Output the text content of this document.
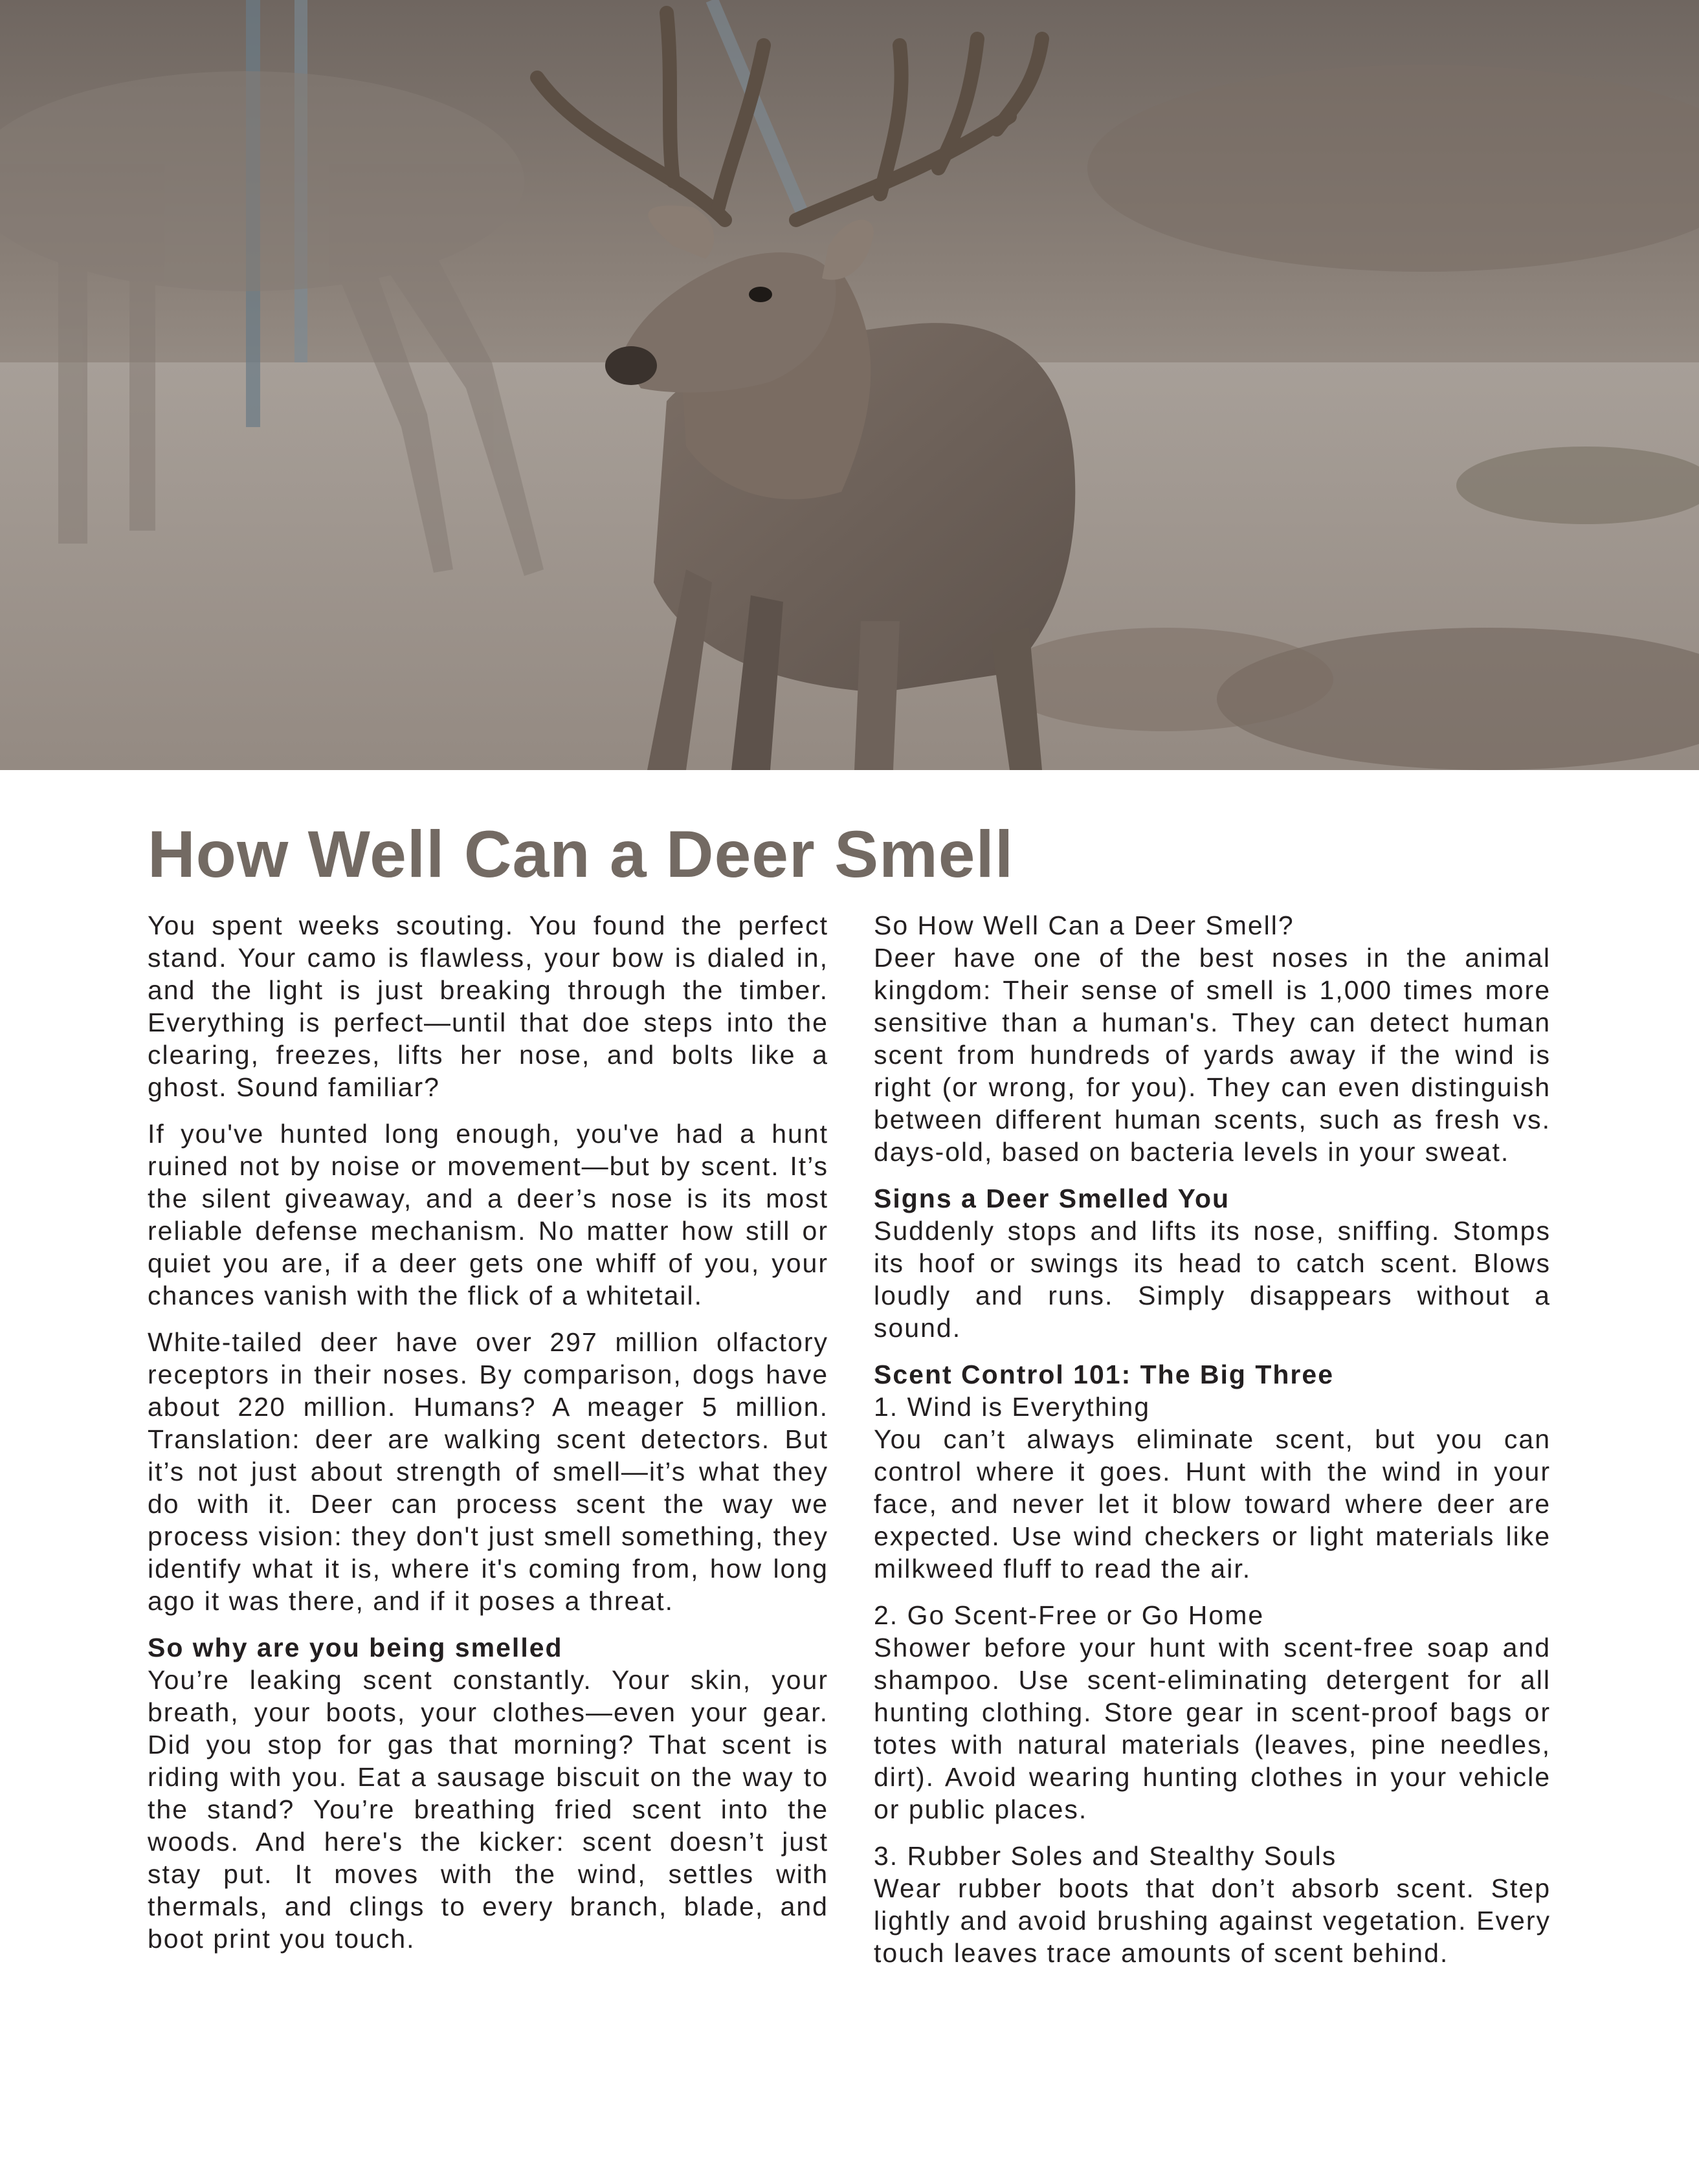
How Well Can a Deer Smell

You spent weeks scouting. You found the perfect stand. Your camo is flawless, your bow is dialed in, and the light is just breaking through the timber. Everything is perfect—until that doe steps into the clearing, freezes, lifts her nose, and bolts like a ghost. Sound familiar?

If you've hunted long enough, you've had a hunt ruined not by noise or movement—but by scent. It’s the silent giveaway, and a deer’s nose is its most reliable defense mechanism. No matter how still or quiet you are, if a deer gets one whiff of you, your chances vanish with the flick of a whitetail.

White-tailed deer have over 297 million olfactory receptors in their noses. By comparison, dogs have about 220 million. Humans? A meager 5 million. Translation: deer are walking scent detectors. But it’s not just about strength of smell—it’s what they do with it. Deer can process scent the way we process vision: they don't just smell something, they identify what it is, where it's coming from, how long ago it was there, and if it poses a threat.

So why are you being smelled
You’re leaking scent constantly. Your skin, your breath, your boots, your clothes—even your gear. Did you stop for gas that morning? That scent is riding with you. Eat a sausage biscuit on the way to the stand? You’re breathing fried scent into the woods. And here's the kicker: scent doesn’t just stay put. It moves with the wind, settles with thermals, and clings to every branch, blade, and boot print you touch.

So How Well Can a Deer Smell?
Deer have one of the best noses in the animal kingdom: Their sense of smell is 1,000 times more sensitive than a human's. They can detect human scent from hundreds of yards away if the wind is right (or wrong, for you). They can even distinguish between different human scents, such as fresh vs. days-old, based on bacteria levels in your sweat.

Signs a Deer Smelled You
Suddenly stops and lifts its nose, sniffing. Stomps its hoof or swings its head to catch scent. Blows loudly and runs. Simply disappears without a sound.

Scent Control 101: The Big Three
1. Wind is Everything
You can’t always eliminate scent, but you can control where it goes. Hunt with the wind in your face, and never let it blow toward where deer are expected. Use wind checkers or light materials like milkweed fluff to read the air.

2. Go Scent-Free or Go Home
Shower before your hunt with scent-free soap and shampoo. Use scent-eliminating detergent for all hunting clothing. Store gear in scent-proof bags or totes with natural materials (leaves, pine needles, dirt). Avoid wearing hunting clothes in your vehicle or public places.

3. Rubber Soles and Stealthy Souls
Wear rubber boots that don’t absorb scent. Step lightly and avoid brushing against vegetation. Every touch leaves trace amounts of scent behind.
